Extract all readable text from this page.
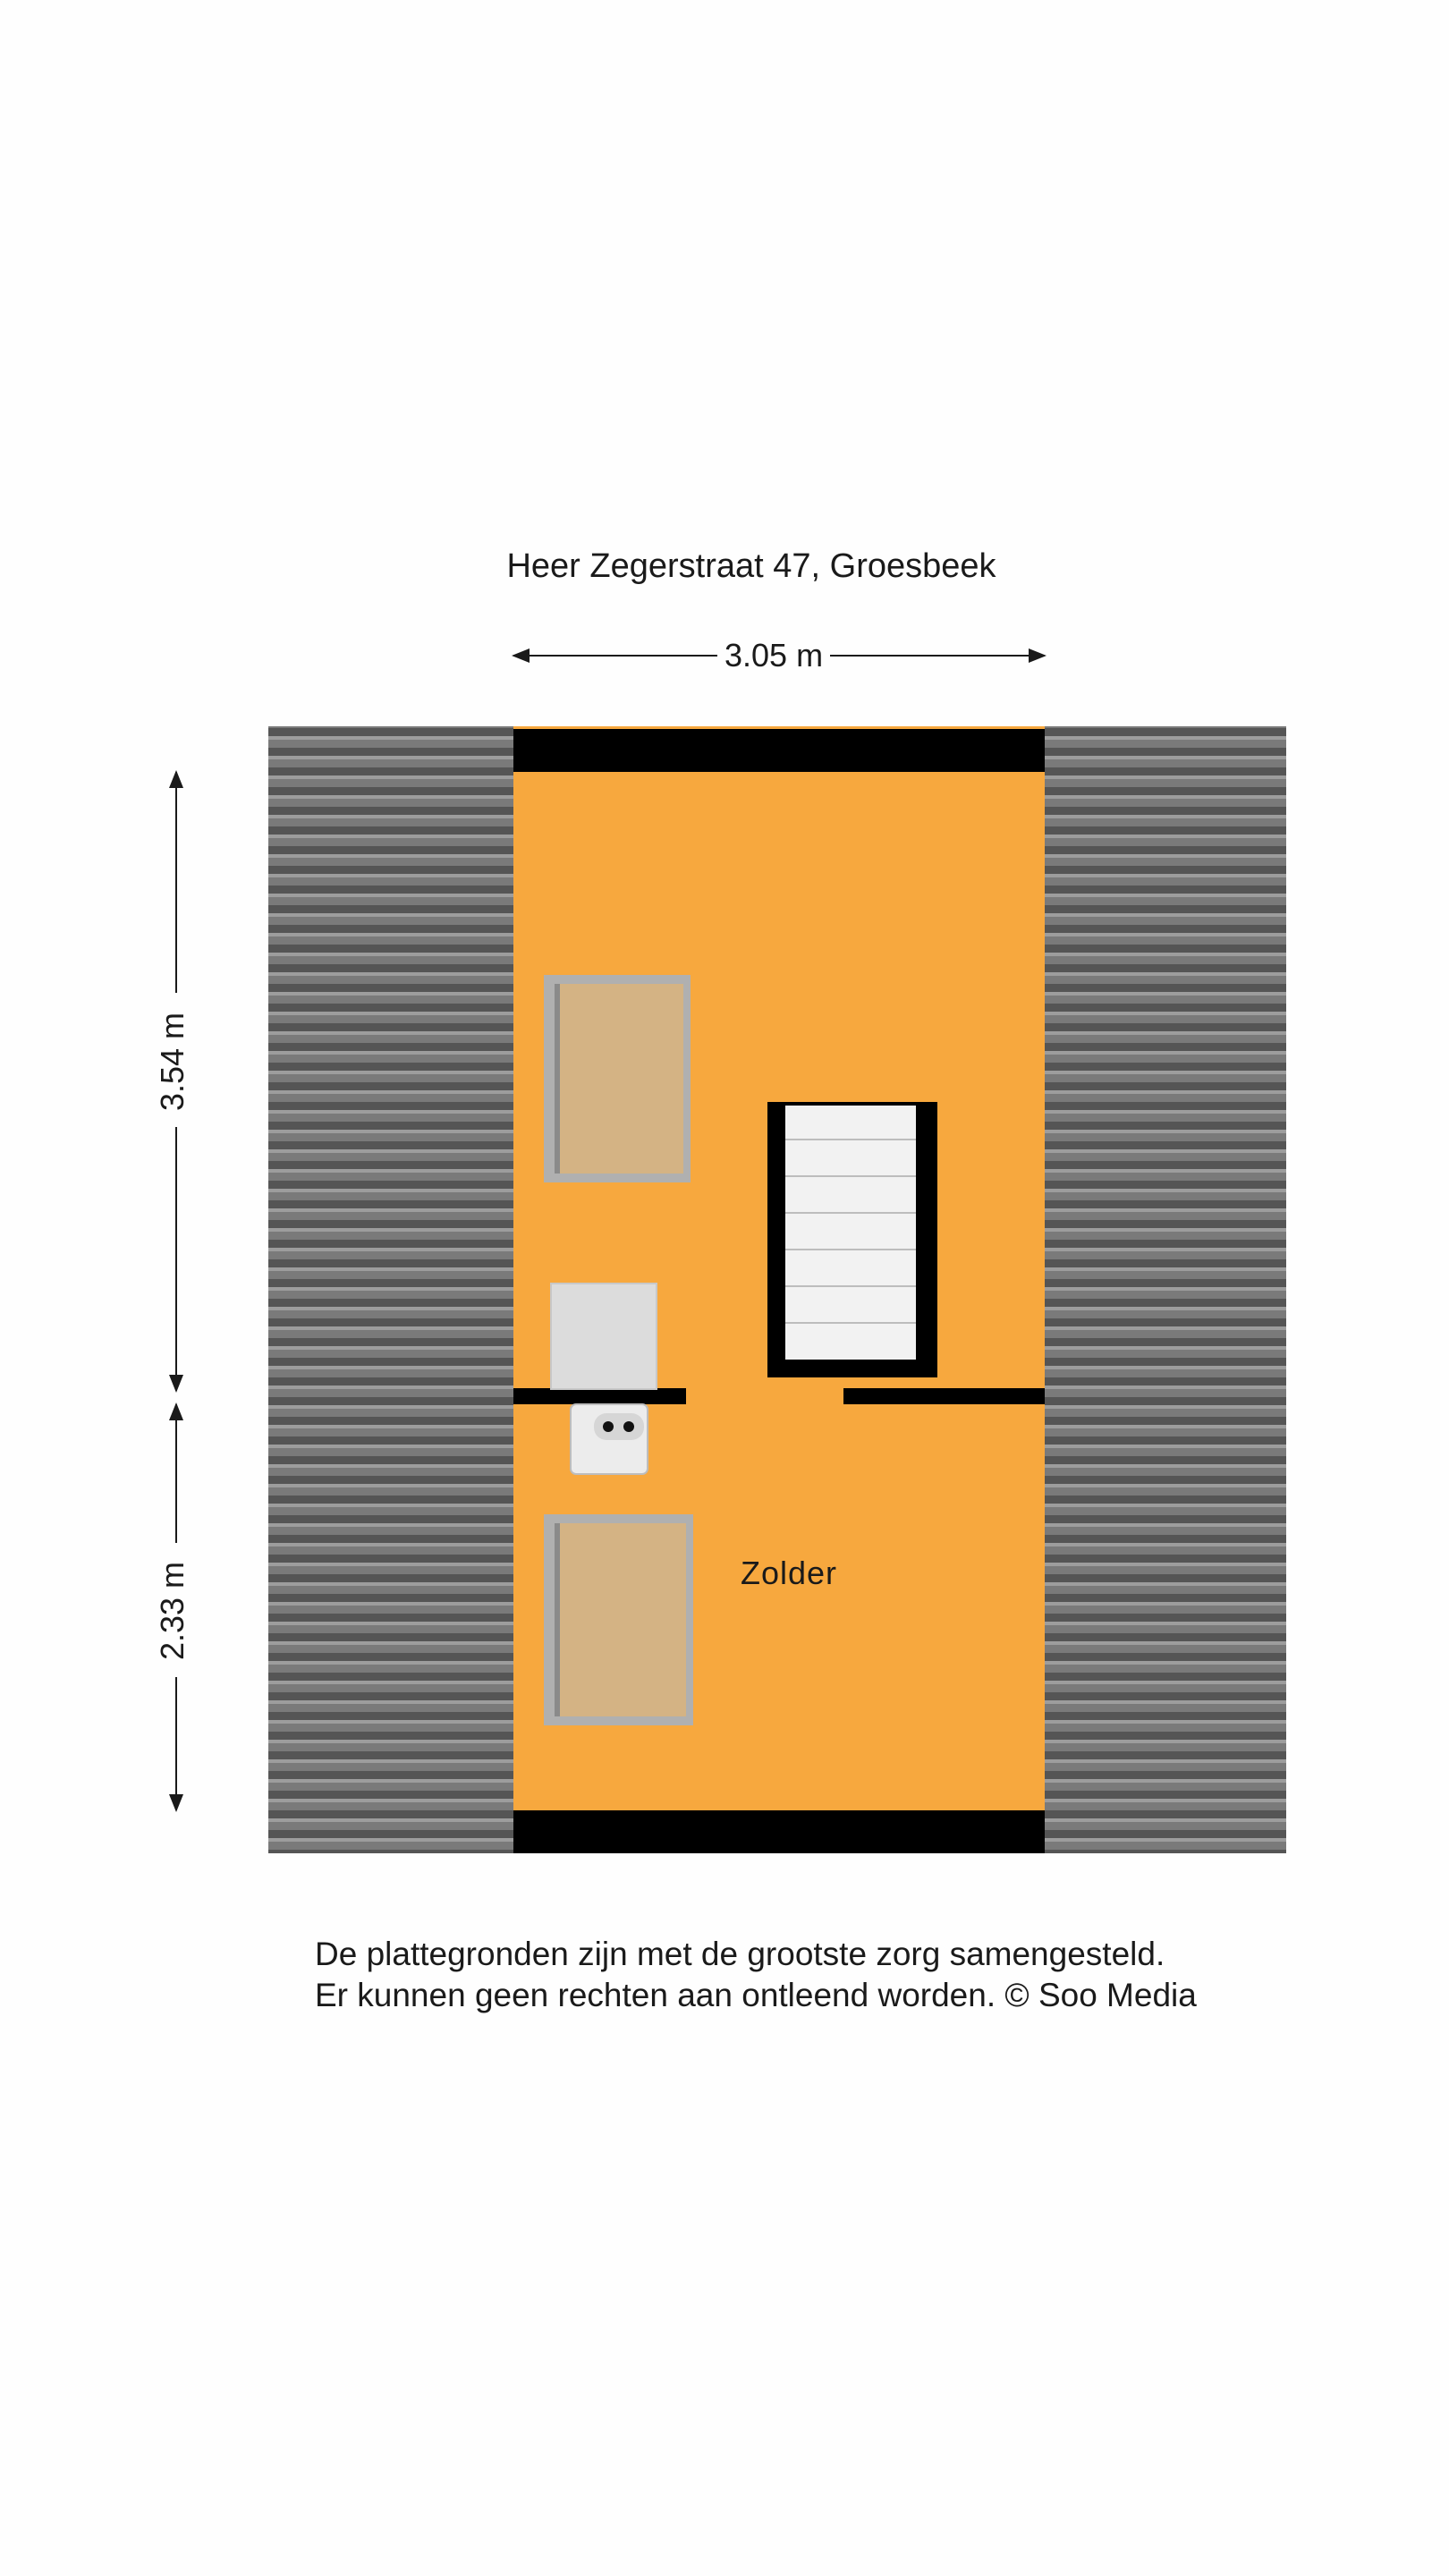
Heer Zegerstraat 47, Groesbeek
3.05 m
3.54 m
2.33 m	Zolder
De plattegronden zijn met de grootste zorg samengesteld.
Er kunnen geen rechten aan ontleend worden. © Soo Media
